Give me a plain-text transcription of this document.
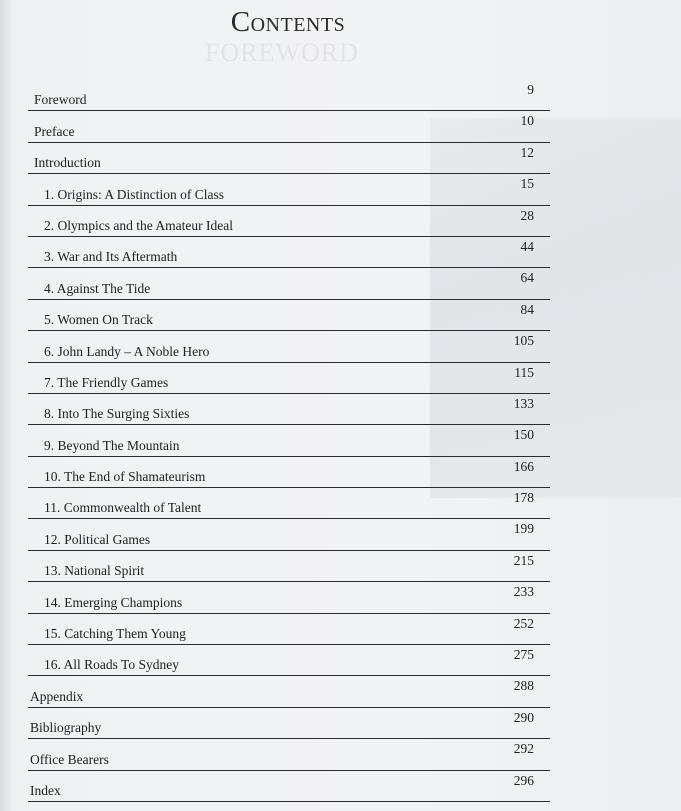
FOREWORD
Contents
Foreword
9
Preface
10
Introduction
12
1. Origins: A Distinction of Class
15
2. Olympics and the Amateur Ideal
28
3. War and Its Aftermath
44
4. Against The Tide
64
5. Women On Track
84
6. John Landy – A Noble Hero
105
7. The Friendly Games
115
8. Into The Surging Sixties
133
9. Beyond The Mountain
150
10. The End of Shamateurism
166
11. Commonwealth of Talent
178
12. Political Games
199
13. National Spirit
215
14. Emerging Champions
233
15. Catching Them Young
252
16. All Roads To Sydney
275
Appendix
288
Bibliography
290
Office Bearers
292
Index
296
